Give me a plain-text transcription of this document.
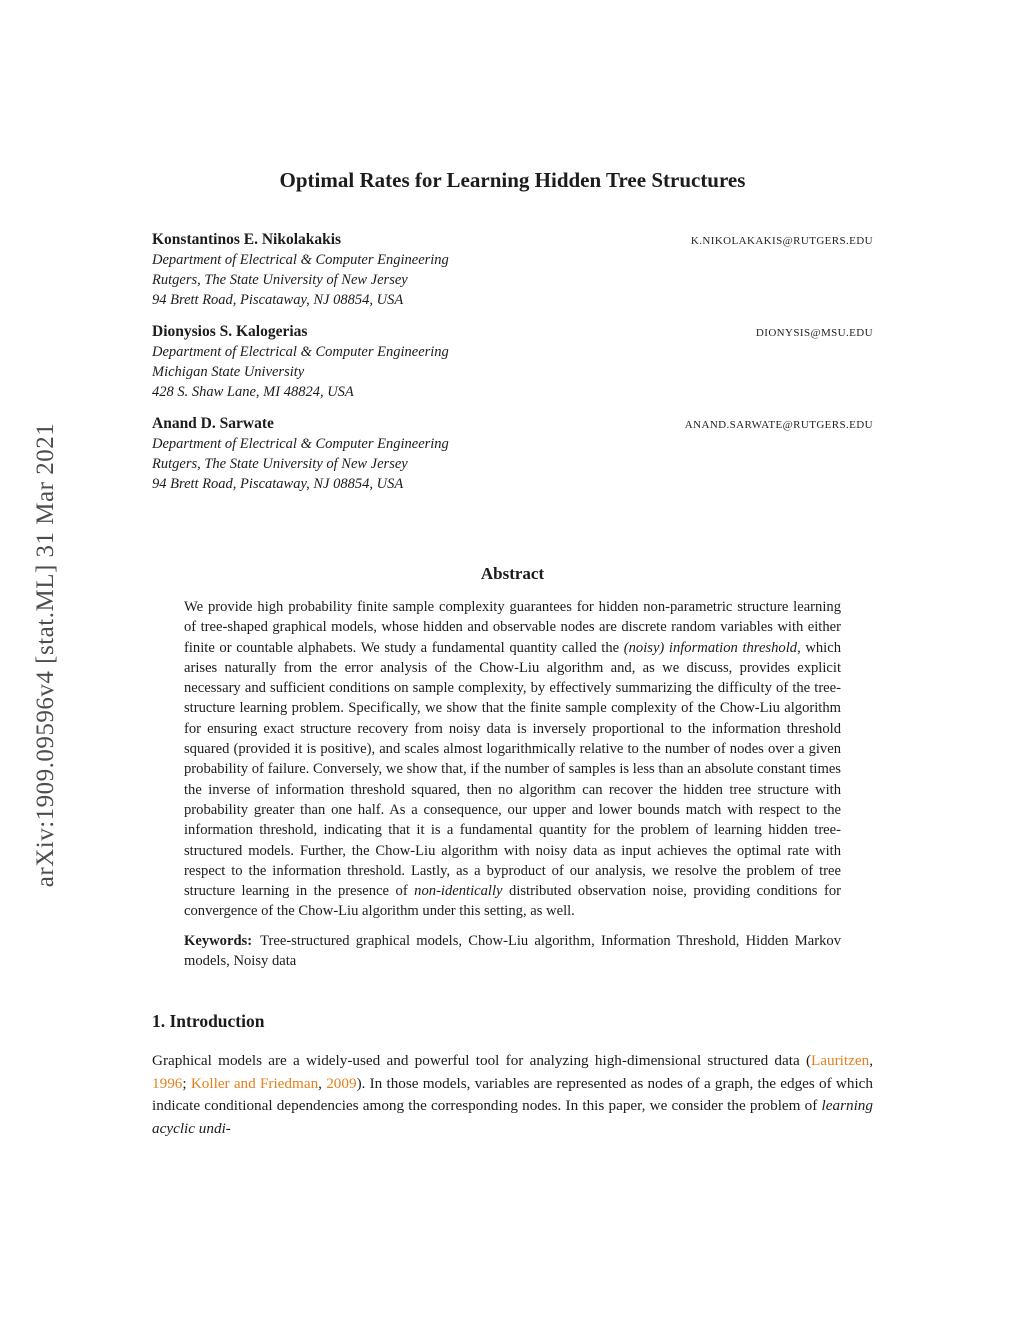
arXiv:1909.09596v4 [stat.ML] 31 Mar 2021
Optimal Rates for Learning Hidden Tree Structures
Konstantinos E. Nikolakakis	K.NIKOLAKAKIS@RUTGERS.EDU
Department of Electrical & Computer Engineering
Rutgers, The State University of New Jersey
94 Brett Road, Piscataway, NJ 08854, USA
Dionysios S. Kalogerias	DIONYSIS@MSU.EDU
Department of Electrical & Computer Engineering
Michigan State University
428 S. Shaw Lane, MI 48824, USA
Anand D. Sarwate	ANAND.SARWATE@RUTGERS.EDU
Department of Electrical & Computer Engineering
Rutgers, The State University of New Jersey
94 Brett Road, Piscataway, NJ 08854, USA
Abstract
We provide high probability finite sample complexity guarantees for hidden non-parametric structure learning of tree-shaped graphical models, whose hidden and observable nodes are discrete random variables with either finite or countable alphabets. We study a fundamental quantity called the (noisy) information threshold, which arises naturally from the error analysis of the Chow-Liu algorithm and, as we discuss, provides explicit necessary and sufficient conditions on sample complexity, by effectively summarizing the difficulty of the tree-structure learning problem. Specifically, we show that the finite sample complexity of the Chow-Liu algorithm for ensuring exact structure recovery from noisy data is inversely proportional to the information threshold squared (provided it is positive), and scales almost logarithmically relative to the number of nodes over a given probability of failure. Conversely, we show that, if the number of samples is less than an absolute constant times the inverse of information threshold squared, then no algorithm can recover the hidden tree structure with probability greater than one half. As a consequence, our upper and lower bounds match with respect to the information threshold, indicating that it is a fundamental quantity for the problem of learning hidden tree-structured models. Further, the Chow-Liu algorithm with noisy data as input achieves the optimal rate with respect to the information threshold. Lastly, as a byproduct of our analysis, we resolve the problem of tree structure learning in the presence of non-identically distributed observation noise, providing conditions for convergence of the Chow-Liu algorithm under this setting, as well.
Keywords: Tree-structured graphical models, Chow-Liu algorithm, Information Threshold, Hidden Markov models, Noisy data
1. Introduction
Graphical models are a widely-used and powerful tool for analyzing high-dimensional structured data (Lauritzen, 1996; Koller and Friedman, 2009). In those models, variables are represented as nodes of a graph, the edges of which indicate conditional dependencies among the corresponding nodes. In this paper, we consider the problem of learning acyclic undi-
